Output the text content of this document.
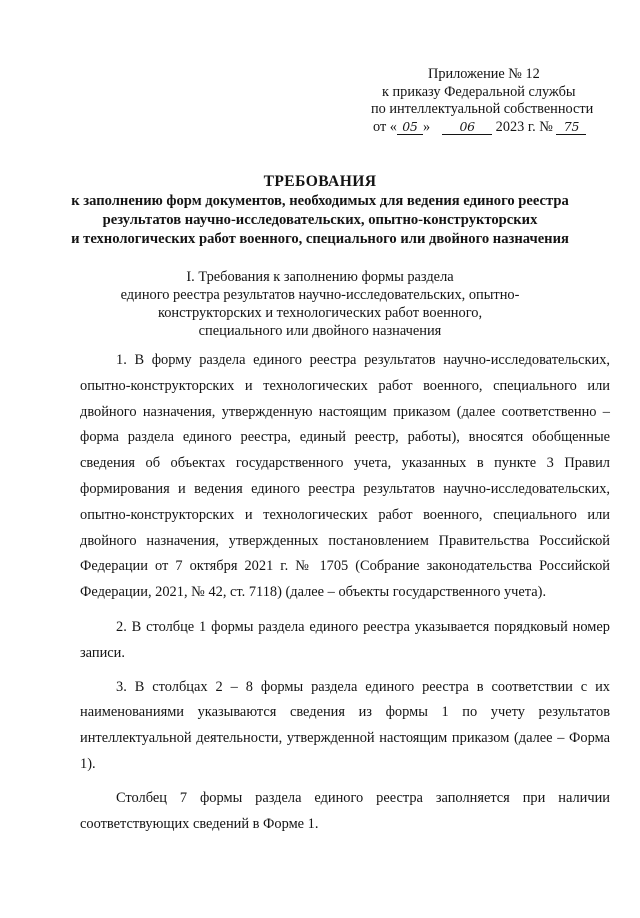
Приложение № 12
к приказу Федеральной службы
по интеллектуальной собственности
от « 05 » 06 2023 г. № 75
ТРЕБОВАНИЯ
к заполнению форм документов, необходимых для ведения единого реестра
результатов научно-исследовательских, опытно-конструкторских
и технологических работ военного, специального или двойного назначения
I. Требования к заполнению формы раздела
единого реестра результатов научно-исследовательских, опытно-
конструкторских и технологических работ военного,
специального или двойного назначения

1. В форму раздела единого реестра результатов научно-исследовательских, опытно-конструкторских и технологических работ военного, специального или двойного назначения, утвержденную настоящим приказом (далее соответственно – форма раздела единого реестра, единый реестр, работы), вносятся обобщенные сведения об объектах государственного учета, указанных в пункте 3 Правил формирования и ведения единого реестра результатов научно-исследовательских, опытно-конструкторских и технологических работ военного, специального или двойного назначения, утвержденных постановлением Правительства Российской Федерации от 7 октября 2021 г. № 1705 (Собрание законодательства Российской Федерации, 2021, № 42, ст. 7118) (далее – объекты государственного учета).

2. В столбце 1 формы раздела единого реестра указывается порядковый номер записи.

3. В столбцах 2 – 8 формы раздела единого реестра в соответствии с их наименованиями указываются сведения из формы 1 по учету результатов интеллектуальной деятельности, утвержденной настоящим приказом (далее – Форма 1).

Столбец 7 формы раздела единого реестра заполняется при наличии соответствующих сведений в Форме 1.
